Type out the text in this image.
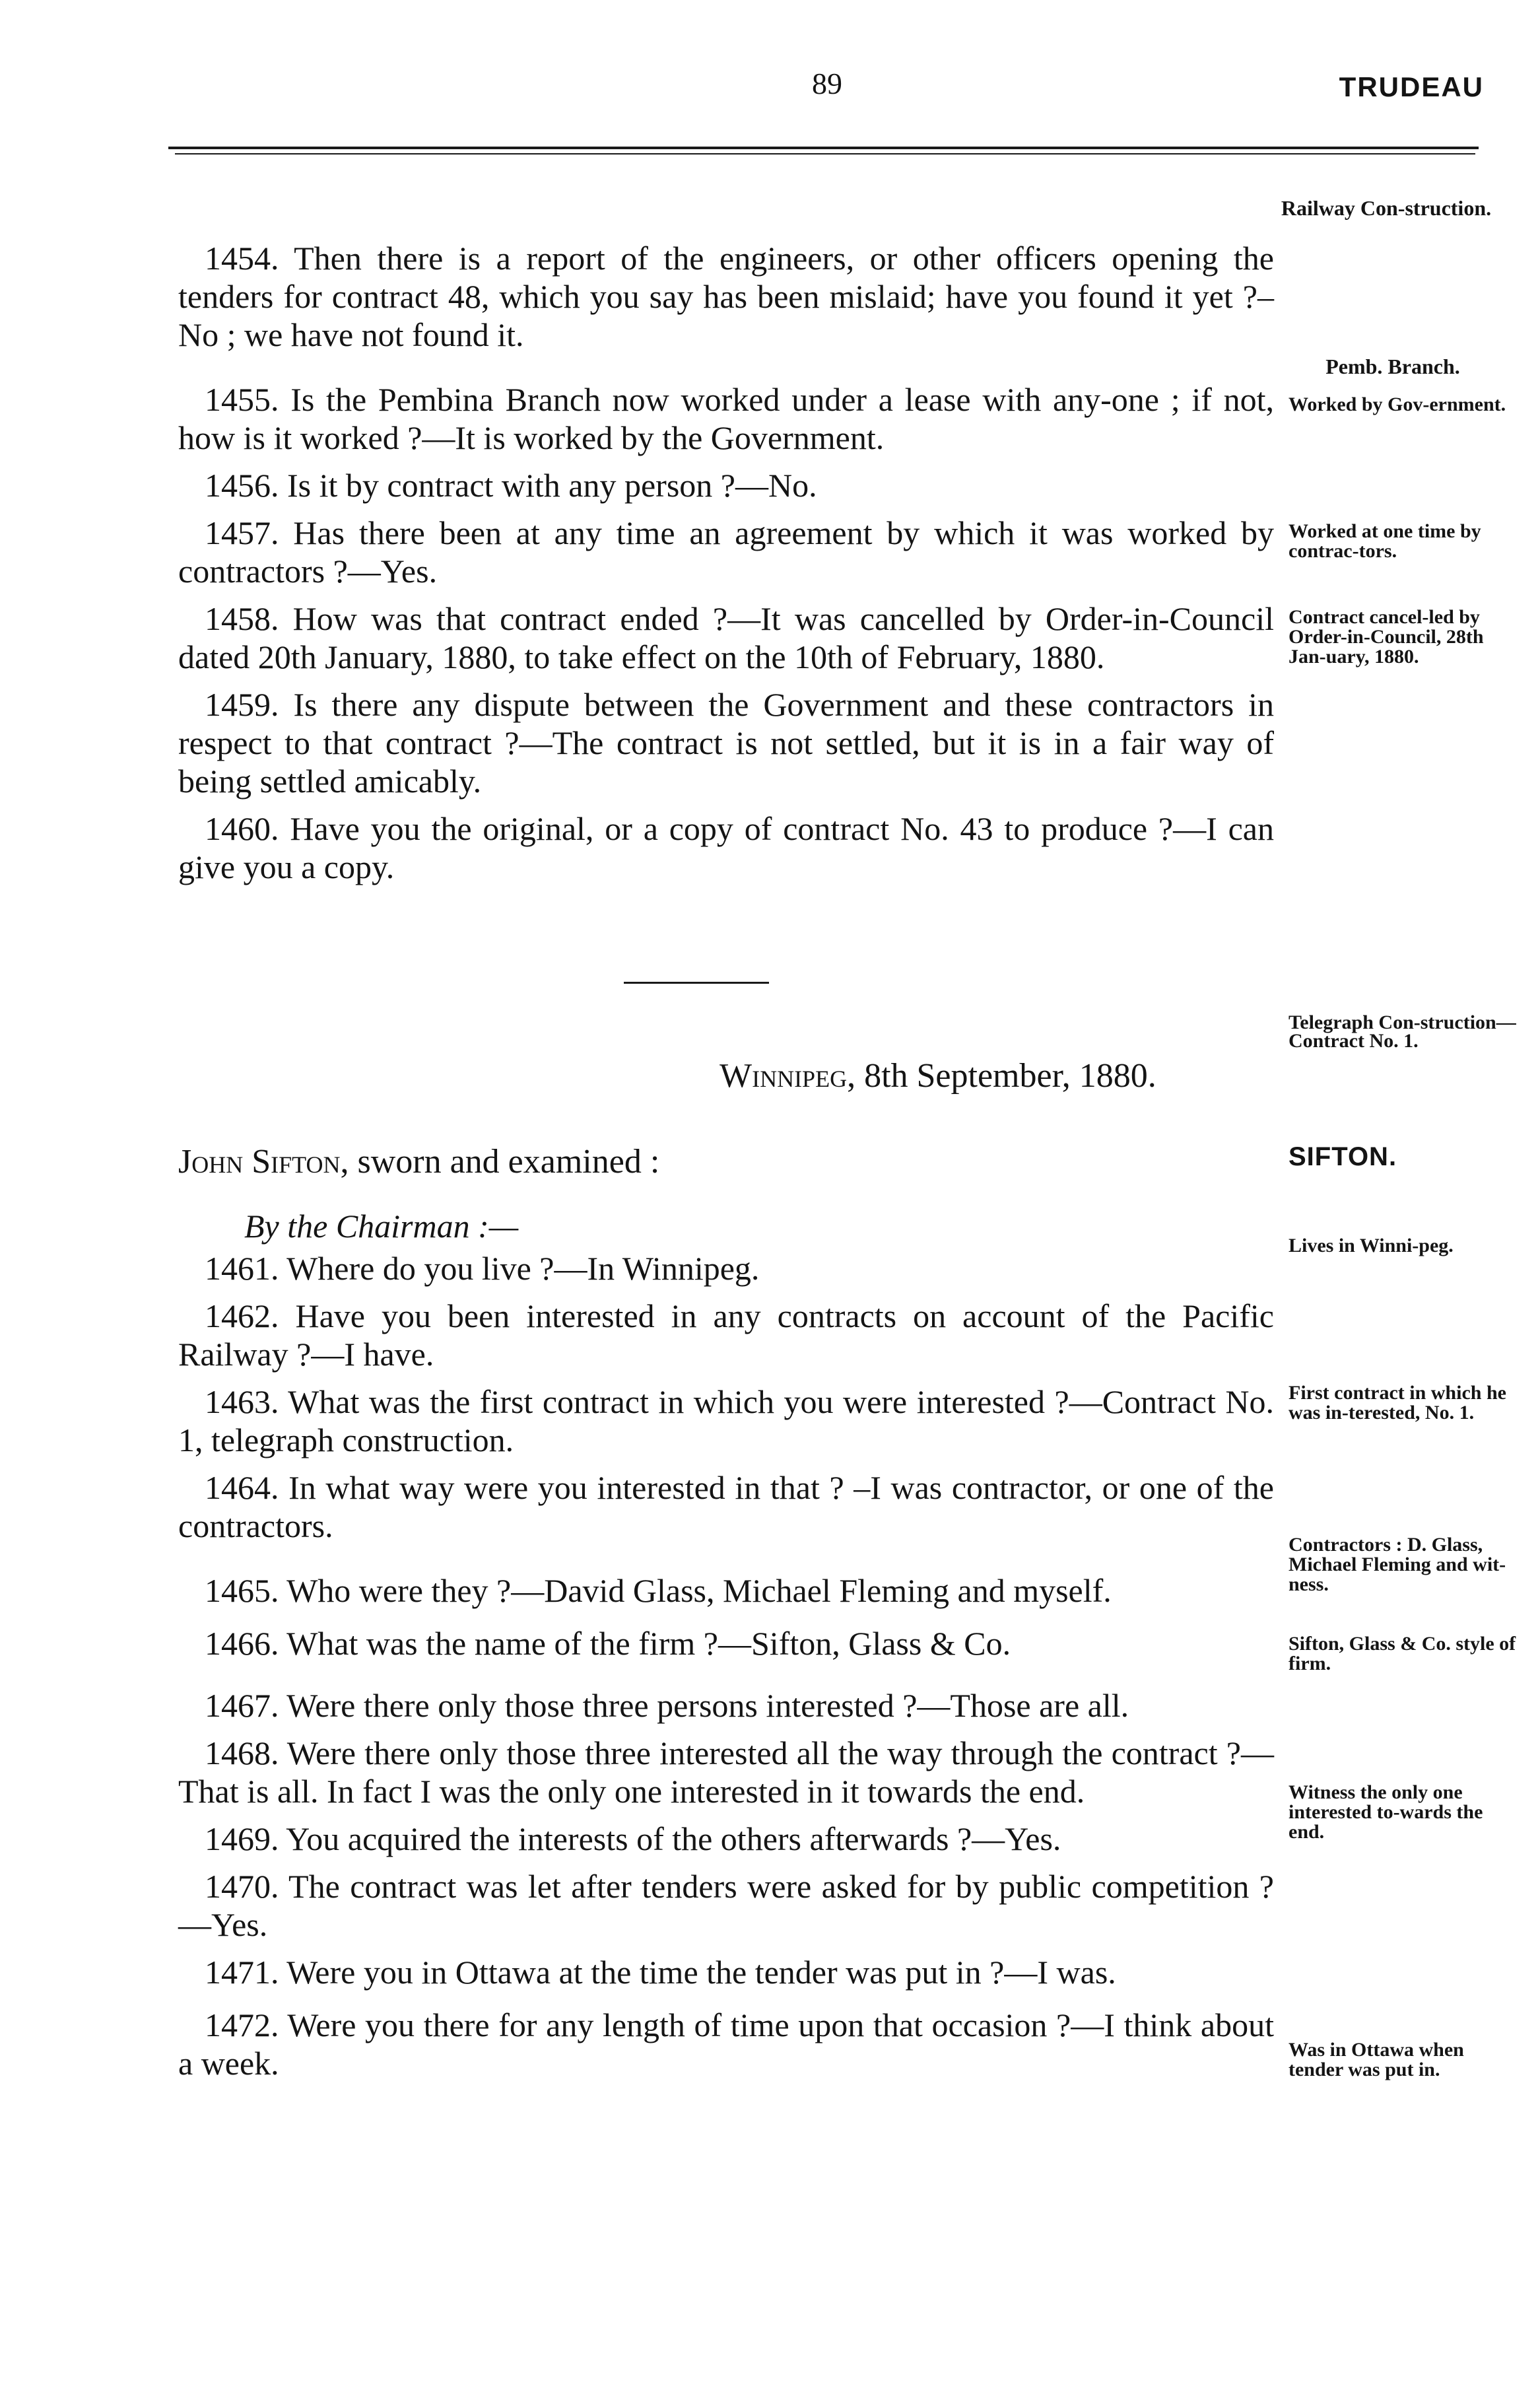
89	TRUDEAU

1454. Then there is a report of the engineers, or other officers opening the tenders for contract 48, which you say has been mislaid; have you found it yet ?– No ; we have not found it.

1455. Is the Pembina Branch now worked under a lease with any-one ; if not, how is it worked ?—It is worked by the Government.

1456. Is it by contract with any person ?—No.

1457. Has there been at any time an agreement by which it was worked by contractors ?—Yes.

1458. How was that contract ended ?—It was cancelled by Order-in-Council dated 20th January, 1880, to take effect on the 10th of February, 1880.

1459. Is there any dispute between the Government and these contractors in respect to that contract ?—The contract is not settled, but it is in a fair way of being settled amicably.

1460. Have you the original, or a copy of contract No. 43 to produce ?—I can give you a copy.

Winnipeg, 8th September, 1880.
John Sifton, sworn and examined :
By the Chairman :—

1461. Where do you live ?—In Winnipeg.

1462. Have you been interested in any contracts on account of the Pacific Railway ?—I have.

1463. What was the first contract in which you were interested ?—Contract No. 1, telegraph construction.

1464. In what way were you interested in that ? –I was contractor, or one of the contractors.

1465. Who were they ?—David Glass, Michael Fleming and myself.

1466. What was the name of the firm ?—Sifton, Glass & Co.

1467. Were there only those three persons interested ?—Those are all.

1468. Were there only those three interested all the way through the contract ?—That is all. In fact I was the only one interested in it towards the end.

1469. You acquired the interests of the others afterwards ?—Yes.

1470. The contract was let after tenders were asked for by public competition ?—Yes.

1471. Were you in Ottawa at the time the tender was put in ?—I was.

1472. Were you there for any length of time upon that occasion ?—I think about a week.

Railway Con-struction.
Pemb. Branch.
Worked by Gov-ernment.
Worked at one time by contrac-tors.
Contract cancel-led by Order-in-Council, 28th Jan-uary, 1880.
Telegraph Con-struction— Contract No. 1.
SIFTON.
Lives in Winni-peg.
First contract in which he was in-terested, No. 1.
Contractors : D. Glass, Michael Fleming and wit-ness.
Sifton, Glass & Co. style of firm.
Witness the only one interested to-wards the end.
Was in Ottawa when tender was put in.
